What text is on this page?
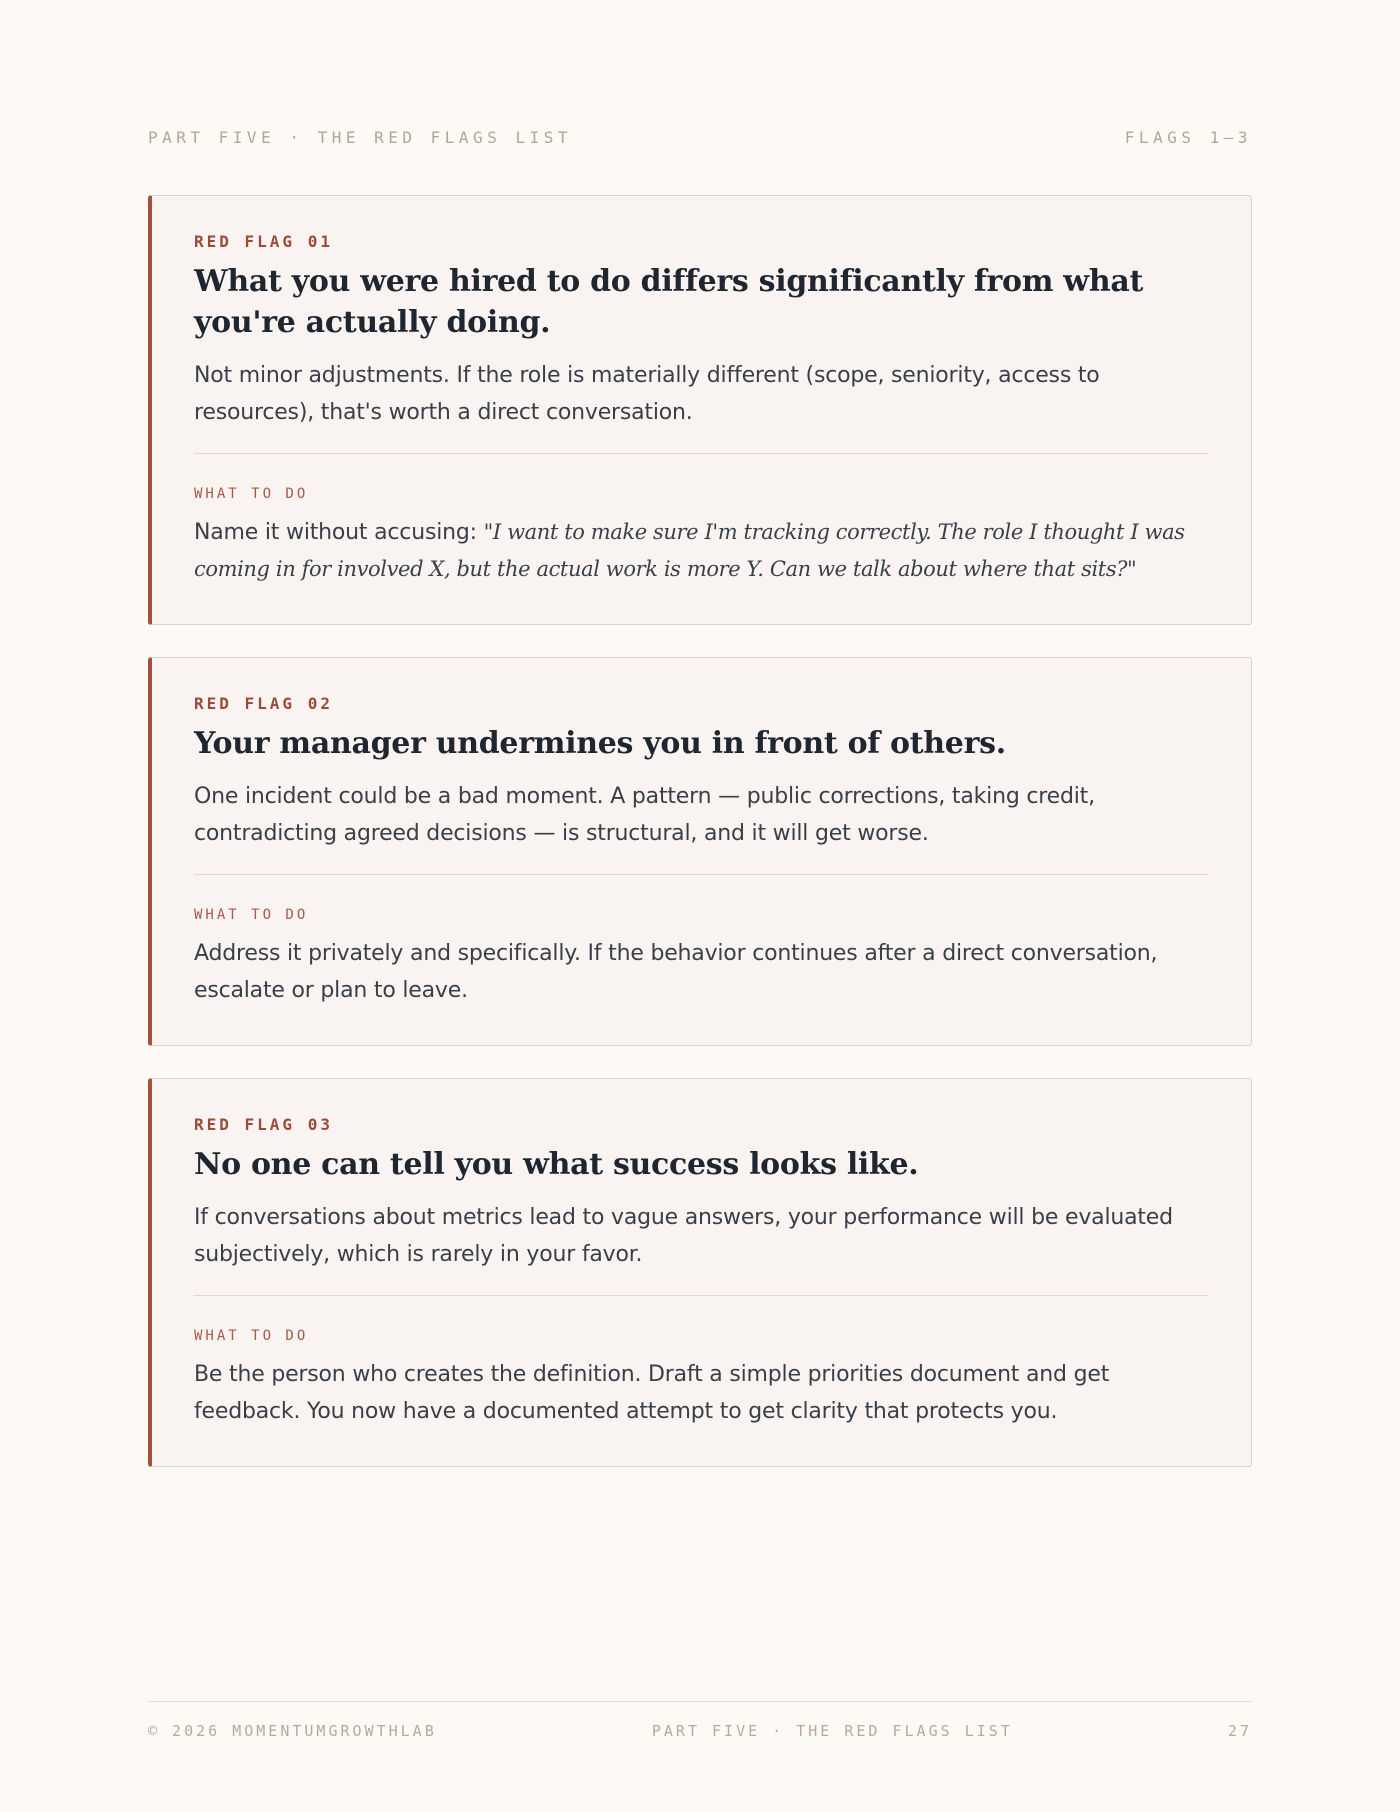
PART FIVE · THE RED FLAGS LIST	FLAGS 1–3
RED FLAG 01
What you were hired to do differs significantly from what you're actually doing.

Not minor adjustments. If the role is materially different (scope, seniority, access to resources), that's worth a direct conversation.

WHAT TO DO

Name it without accusing: "I want to make sure I'm tracking correctly. The role I thought I was coming in for involved X, but the actual work is more Y. Can we talk about where that sits?"

RED FLAG 02
Your manager undermines you in front of others.

One incident could be a bad moment. A pattern — public corrections, taking credit, contradicting agreed decisions — is structural, and it will get worse.

WHAT TO DO

Address it privately and specifically. If the behavior continues after a direct conversation, escalate or plan to leave.

RED FLAG 03
No one can tell you what success looks like.

If conversations about metrics lead to vague answers, your performance will be evaluated subjectively, which is rarely in your favor.

WHAT TO DO

Be the person who creates the definition. Draft a simple priorities document and get feedback. You now have a documented attempt to get clarity that protects you.

© 2026 MOMENTUMGROWTHLAB	PART FIVE · THE RED FLAGS LIST	27
